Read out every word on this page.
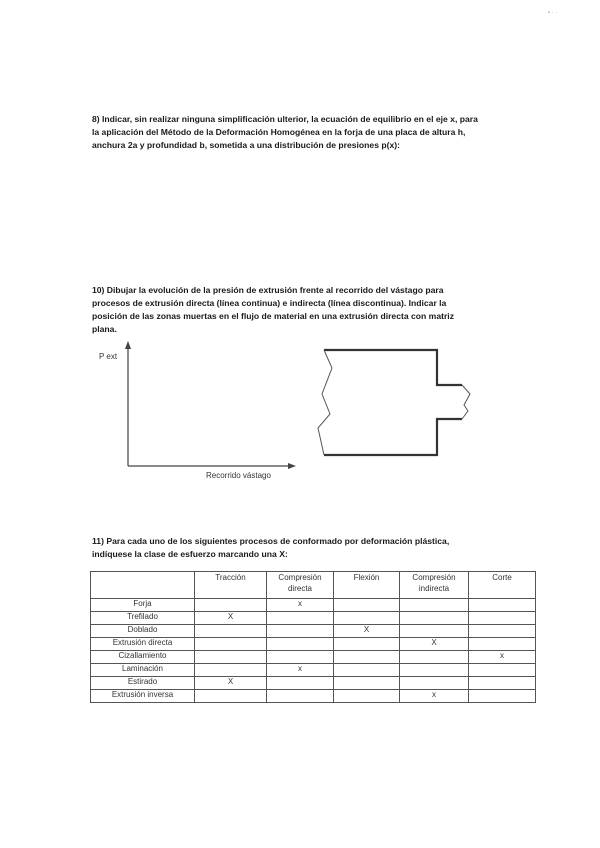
▪ · ·

8) Indicar, sin realizar ninguna simplificación ulterior, la ecuación de equilibrio en el eje x, para

la aplicación del Método de la Deformación Homogénea en la forja de una placa de altura h,

anchura 2a y profundidad b, sometida a una distribución de presiones p(x):

10) Dibujar la evolución de la presión de extrusión frente al recorrido del vástago para

procesos de extrusión directa (línea continua) e indirecta (línea discontinua). Indicar la

posición de las zonas muertas en el flujo de material en una extrusión directa con matriz

plana.

P ext
Recorrido vástago

11) Para cada uno de los siguientes procesos de conformado por deformación plástica,

indíquese la clase de esfuerzo marcando una X:

	Tracción	Compresión directa	Flexión	Compresión indirecta	Corte
Forja		x			
Trefilado	X				
Doblado			X		
Extrusión directa				X	
Cizallamiento					x
Laminación		x			
Estirado	X				
Extrusión inversa				x	
